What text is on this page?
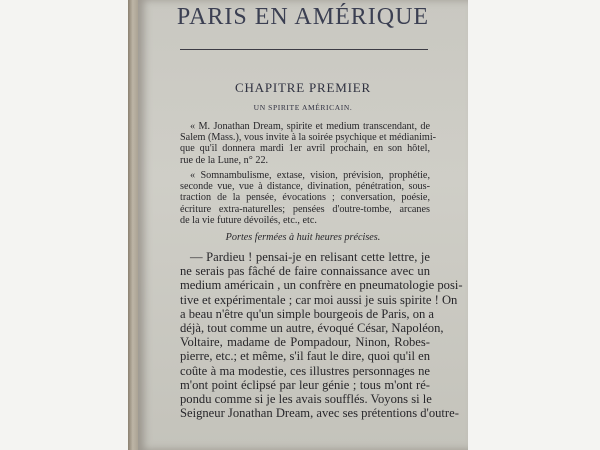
PARIS EN AMÉRIQUE
CHAPITRE PREMIER
UN SPIRITE AMÉRICAIN.
« M. Jonathan Dream, spirite et medium transcendant, de
Salem (Mass.), vous invite à la soirée psychique et médianimi-
que qu'il donnera mardi 1er avril prochain, en son hôtel,
rue de la Lune, n° 22.
« Somnambulisme, extase, vision, prévision, prophétie,
seconde vue, vue à distance, divination, pénétration, sous-
traction de la pensée, évocations ; conversation, poésie,
écriture extra-naturelles; pensées d'outre-tombe, arcanes
de la vie future dévoilés, etc., etc.
Portes fermées à huit heures précises.
— Pardieu ! pensai-je en relisant cette lettre, je
ne serais pas fâché de faire connaissance avec un
medium américain , un confrère en pneumatologie posi-
tive et expérimentale ; car moi aussi je suis spirite ! On
a beau n'être qu'un simple bourgeois de Paris, on a
déjà, tout comme un autre, évoqué César, Napoléon,
Voltaire, madame de Pompadour, Ninon, Robes-
pierre, etc.; et même, s'il faut le dire, quoi qu'il en
coûte à ma modestie, ces illustres personnages ne
m'ont point éclipsé par leur génie ; tous m'ont ré-
pondu comme si je les avais soufflés. Voyons si le
Seigneur Jonathan Dream, avec ses prétentions d'outre-
